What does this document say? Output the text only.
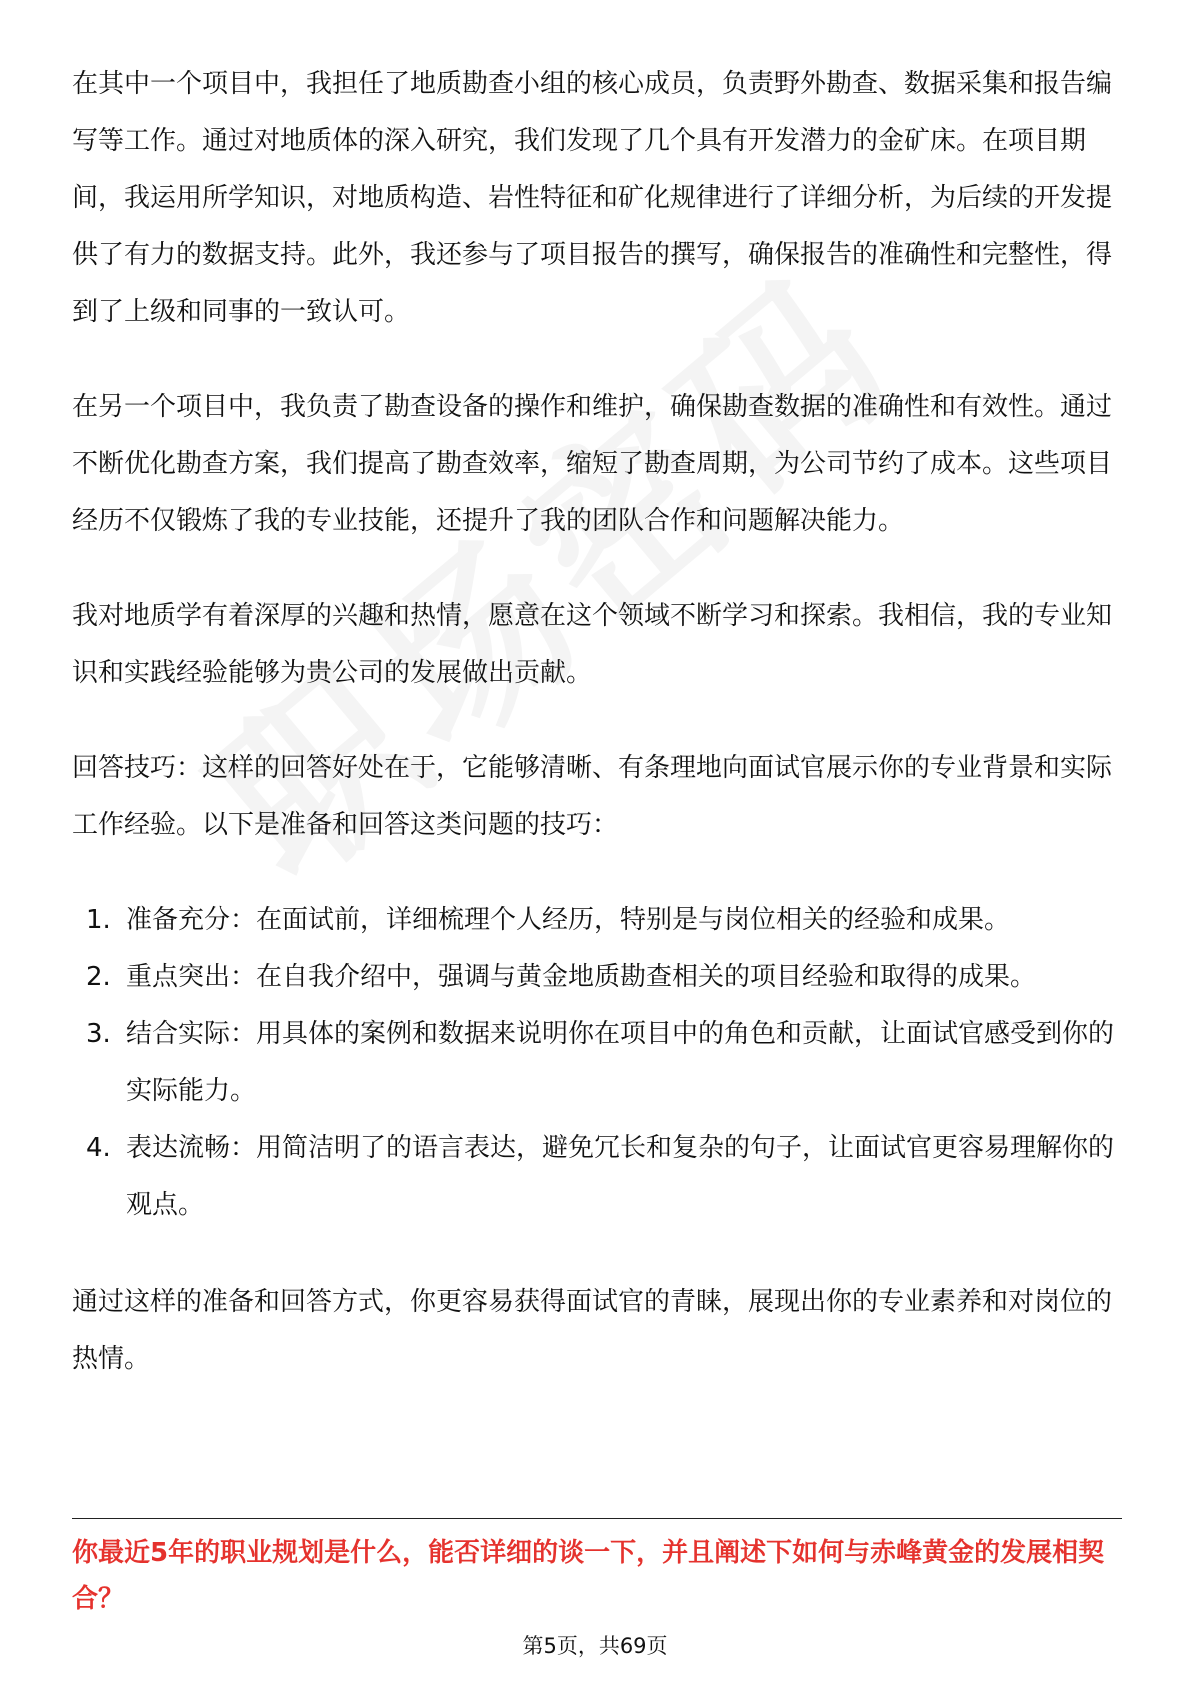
在其中一个项目中，我担任了地质勘查小组的核心成员，负责野外勘查、数据采集和报告编写等工作。通过对地质体的深入研究，我们发现了几个具有开发潜力的金矿床。在项目期间，我运用所学知识，对地质构造、岩性特征和矿化规律进行了详细分析，为后续的开发提供了有力的数据支持。此外，我还参与了项目报告的撰写，确保报告的准确性和完整性，得到了上级和同事的一致认可。

在另一个项目中，我负责了勘查设备的操作和维护，确保勘查数据的准确性和有效性。通过不断优化勘查方案，我们提高了勘查效率，缩短了勘查周期，为公司节约了成本。这些项目经历不仅锻炼了我的专业技能，还提升了我的团队合作和问题解决能力。

我对地质学有着深厚的兴趣和热情，愿意在这个领域不断学习和探索。我相信，我的专业知识和实践经验能够为贵公司的发展做出贡献。

回答技巧：这样的回答好处在于，它能够清晰、有条理地向面试官展示你的专业背景和实际工作经验。以下是准备和回答这类问题的技巧：

1. 准备充分：在面试前，详细梳理个人经历，特别是与岗位相关的经验和成果。
2. 重点突出：在自我介绍中，强调与黄金地质勘查相关的项目经验和取得的成果。
3. 结合实际：用具体的案例和数据来说明你在项目中的角色和贡献，让面试官感受到你的实际能力。
4. 表达流畅：用简洁明了的语言表达，避免冗长和复杂的句子，让面试官更容易理解你的观点。

通过这样的准备和回答方式，你更容易获得面试官的青睐，展现出你的专业素养和对岗位的热情。

你最近5年的职业规划是什么，能否详细的谈一下，并且阐述下如何与赤峰黄金的发展相契合？
第5页，共69页
